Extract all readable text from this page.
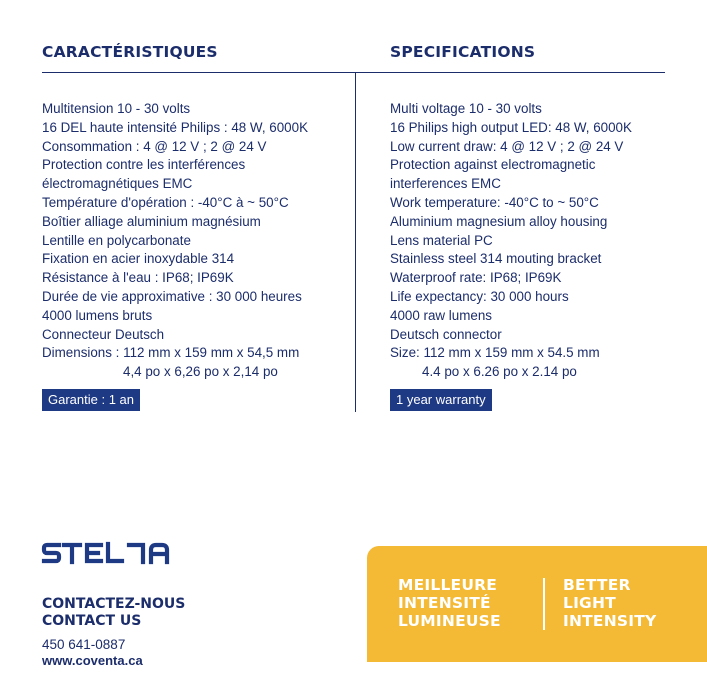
CARACTÉRISTIQUES	SPECIFICATIONS
Multitension 10 - 30 volts
16 DEL haute intensité Philips : 48 W, 6000K
Consommation : 4 @ 12 V ; 2 @ 24 V
Protection contre les interférences
électromagnétiques EMC
Température d'opération : -40°C à ~ 50°C
Boîtier alliage aluminium magnésium
Lentille en polycarbonate
Fixation en acier inoxydable 314
Résistance à l'eau : IP68; IP69K
Durée de vie approximative : 30 000 heures
4000 lumens bruts
Connecteur Deutsch
Dimensions : 112 mm x 159 mm x 54,5 mm
4,4 po x 6,26 po x 2,14 po
Garantie : 1 an
Multi voltage 10 - 30 volts
16 Philips high output LED: 48 W, 6000K
Low current draw: 4 @ 12 V ; 2 @ 24 V
Protection against electromagnetic
interferences EMC
Work temperature: -40°C to ~ 50°C
Aluminium magnesium alloy housing
Lens material PC
Stainless steel 314 mouting bracket
Waterproof rate: IP68; IP69K
Life expectancy: 30 000 hours
4000 raw lumens
Deutsch connector
Size: 112 mm x 159 mm x 54.5 mm
4.4 po x 6.26 po x 2.14 po
1 year warranty
CONTACTEZ-NOUS
CONTACT US
450 641-0887
www.coventa.ca
MEILLEURE
INTENSITÉ
LUMINEUSE
BETTER
LIGHT
INTENSITY
